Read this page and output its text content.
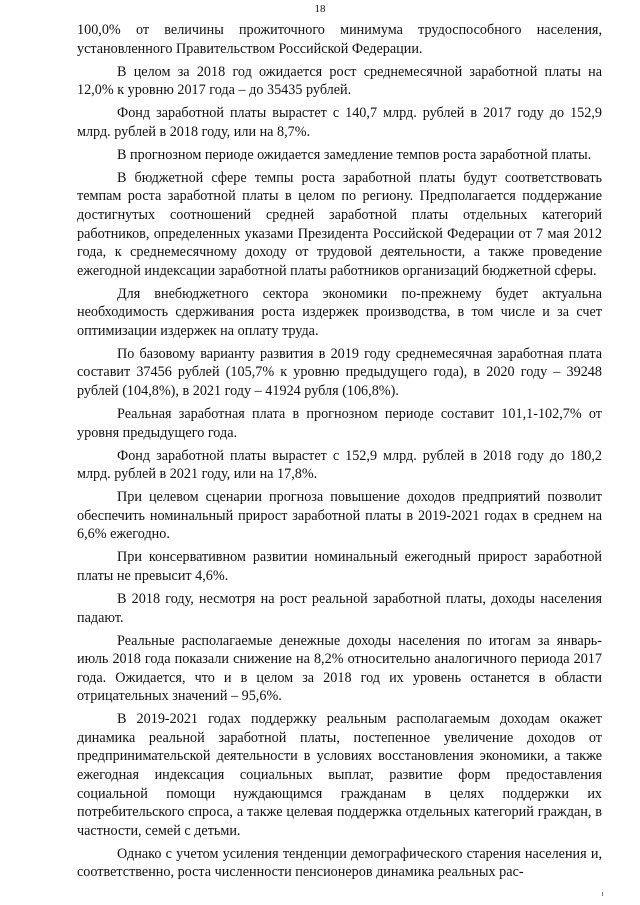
18

100,0% от величины прожиточного минимума трудоспособного населения, установленного Правительством Российской Федерации.

В целом за 2018 год ожидается рост среднемесячной заработной платы на 12,0% к уровню 2017 года – до 35435 рублей.

Фонд заработной платы вырастет с 140,7 млрд. рублей в 2017 году до 152,9 млрд. рублей в 2018 году, или на 8,7%.

В прогнозном периоде ожидается замедление темпов роста заработной платы.

В бюджетной сфере темпы роста заработной платы будут соответствовать темпам роста заработной платы в целом по региону. Предполагается поддержание достигнутых соотношений средней заработной платы отдельных категорий работников, определенных указами Президента Российской Федерации от 7 мая 2012 года, к среднемесячному доходу от трудовой деятельности, а также проведение ежегодной индексации заработной платы работников организаций бюджетной сферы.

Для внебюджетного сектора экономики по-прежнему будет актуальна необходимость сдерживания роста издержек производства, в том числе и за счет оптимизации издержек на оплату труда.

По базовому варианту развития в 2019 году среднемесячная заработная плата составит 37456 рублей (105,7% к уровню предыдущего года), в 2020 году – 39248 рублей (104,8%), в 2021 году – 41924 рубля (106,8%).

Реальная заработная плата в прогнозном периоде составит 101,1-102,7% от уровня предыдущего года.

Фонд заработной платы вырастет с 152,9 млрд. рублей в 2018 году до 180,2 млрд. рублей в 2021 году, или на 17,8%.

При целевом сценарии прогноза повышение доходов предприятий позволит обеспечить номинальный прирост заработной платы в 2019-2021 годах в среднем на 6,6% ежегодно.

При консервативном развитии номинальный ежегодный прирост заработной платы не превысит 4,6%.

В 2018 году, несмотря на рост реальной заработной платы, доходы населения падают.

Реальные располагаемые денежные доходы населения по итогам за январь-июль 2018 года показали снижение на 8,2% относительно аналогичного периода 2017 года. Ожидается, что и в целом за 2018 год их уровень останется в области отрицательных значений – 95,6%.

В 2019-2021 годах поддержку реальным располагаемым доходам окажет динамика реальной заработной платы, постепенное увеличение доходов от предпринимательской деятельности в условиях восстановления экономики, а также ежегодная индексация социальных выплат, развитие форм предоставления социальной помощи нуждающимся гражданам в целях поддержки их потребительского спроса, а также целевая поддержка отдельных категорий граждан, в частности, семей с детьми.

Однако с учетом усиления тенденции демографического старения населения и, соответственно, роста численности пенсионеров динамика реальных рас-
